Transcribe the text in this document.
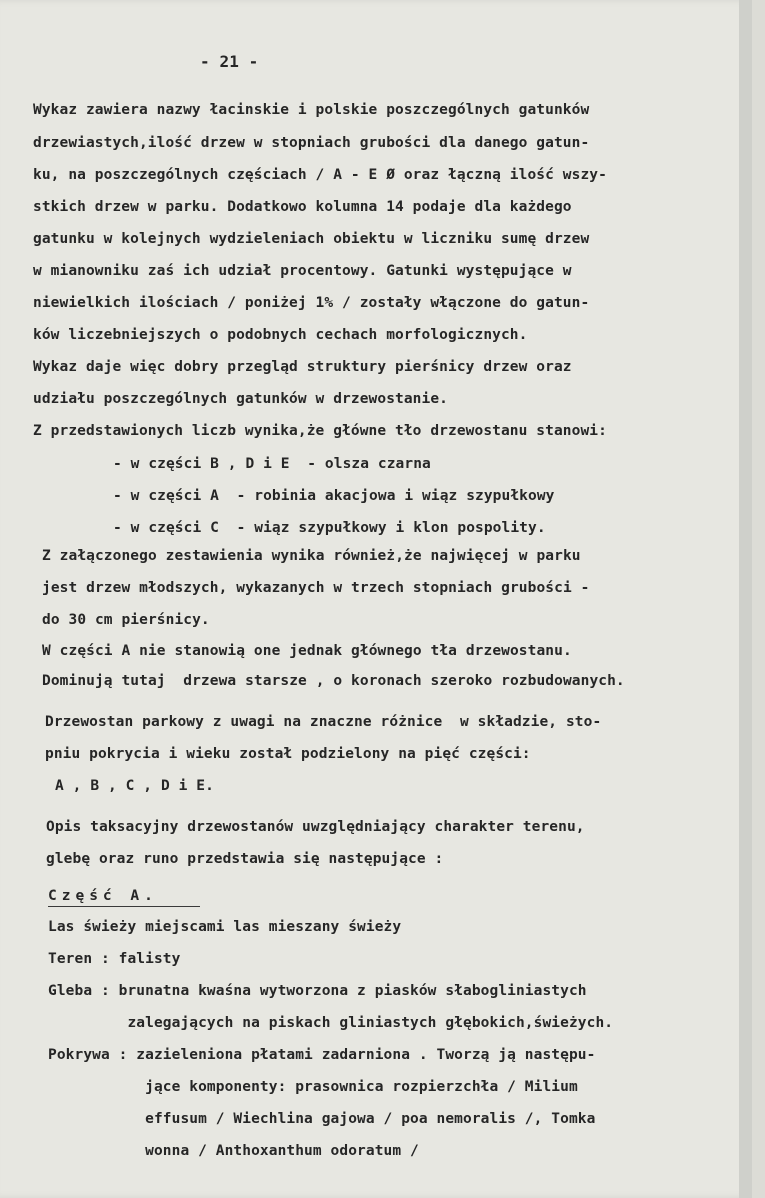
- 21 -
Wykaz zawiera nazwy łacinskie i polskie poszczególnych gatunków
drzewiastych,ilość drzew w stopniach grubości dla danego gatun-
ku, na poszczególnych częściach / A - E Ø oraz łączną ilość wszy-
stkich drzew w parku. Dodatkowo kolumna 14 podaje dla każdego
gatunku w kolejnych wydzieleniach obiektu w liczniku sumę drzew
w mianowniku zaś ich udział procentowy. Gatunki występujące w
niewielkich ilościach / poniżej 1% / zostały włączone do gatun-
ków liczebniejszych o podobnych cechach morfologicznych.
Wykaz daje więc dobry przegląd struktury pierśnicy drzew oraz
udziału poszczególnych gatunków w drzewostanie.
Z przedstawionych liczb wynika,że główne tło drzewostanu stanowi:
- w części B , D i E  - olsza czarna
- w części A  - robinia akacjowa i wiąz szypułkowy
- w części C  - wiąz szypułkowy i klon pospolity.
Z załączonego zestawienia wynika również,że najwięcej w parku
jest drzew młodszych, wykazanych w trzech stopniach grubości -
do 30 cm pierśnicy.
W części A nie stanowią one jednak głównego tła drzewostanu.
Dominują tutaj  drzewa starsze , o koronach szeroko rozbudowanych.
Drzewostan parkowy z uwagi na znaczne różnice  w składzie, sto-
pniu pokrycia i wieku został podzielony na pięć części:
A , B , C , D i E.
Opis taksacyjny drzewostanów uwzględniający charakter terenu,
glebę oraz runo przedstawia się następujące :
Część A.
Las świeży miejscami las mieszany świeży
Teren : falisty
Gleba : brunatna kwaśna wytworzona z piasków słabogliniastych
zalegających na piskach gliniastych głębokich,świeżych.
Pokrywa : zazieleniona płatami zadarniona . Tworzą ją następu-
jące komponenty: prasownica rozpierzchła / Milium
effusum / Wiechlina gajowa / poa nemoralis /, Tomka
wonna / Anthoxanthum odoratum /
